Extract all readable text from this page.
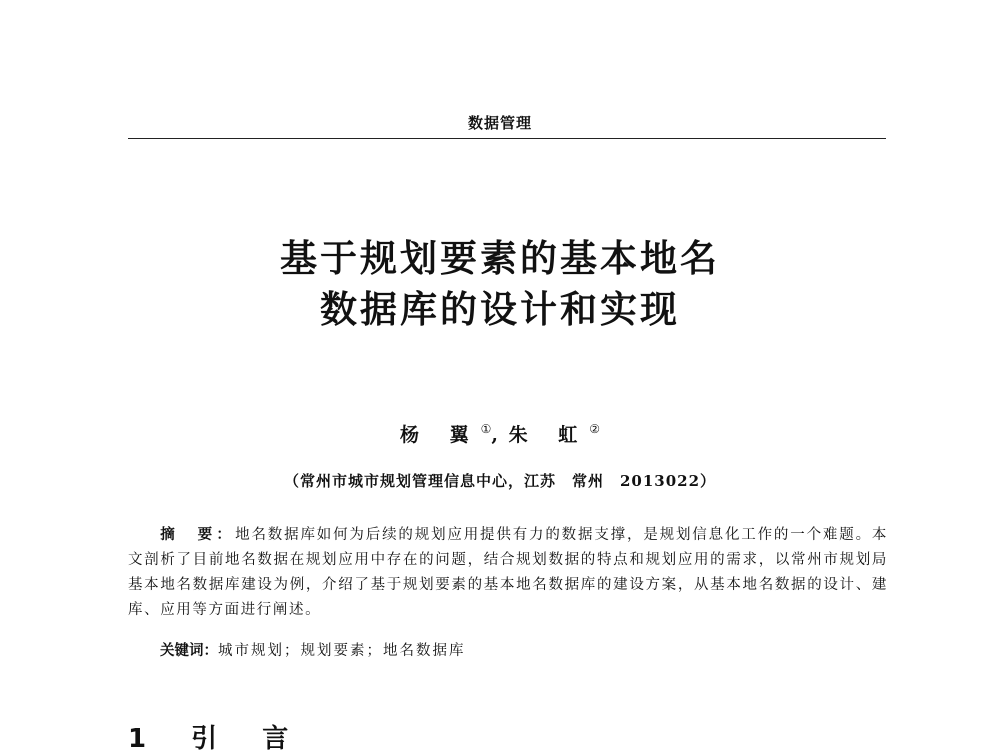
数据管理
基于规划要素的基本地名
数据库的设计和实现
杨 翼①, 朱 虹②
（常州市城市规划管理信息中心，江苏　常州　2013022）
摘　要：地名数据库如何为后续的规划应用提供有力的数据支撑，是规划信息化工作的一个难题。本文剖析了目前地名数据在规划应用中存在的问题，结合规划数据的特点和规划应用的需求，以常州市规划局基本地名数据库建设为例，介绍了基于规划要素的基本地名数据库的建设方案，从基本地名数据的设计、建库、应用等方面进行阐述。
关键词：城市规划；规划要素；地名数据库
1 引 言
